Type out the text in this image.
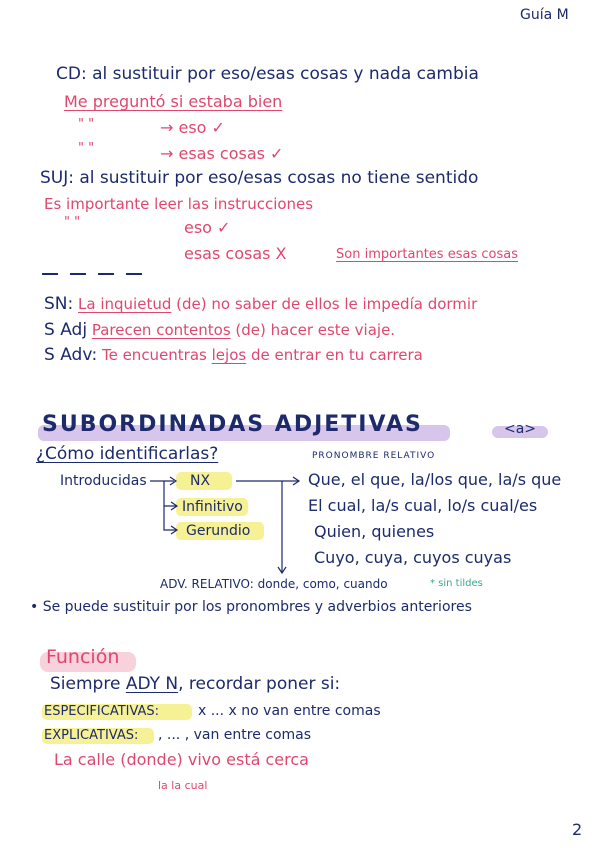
Guía M
CD: al sustituir por eso/esas cosas y nada cambia
Me preguntó si estaba bien
" "	→ eso ✓
" "	→ esas cosas ✓
SUJ: al sustituir por eso/esas cosas no tiene sentido
Es importante leer las instrucciones
" "	eso ✓
esas cosas X	Son importantes esas cosas
SN: La inquietud (de) no saber de ellos le impedía dormir
S Adj Parecen contentos (de) hacer este viaje.
S Adv: Te encuentras lejos de entrar en tu carrera
SUBORDINADAS ADJETIVAS	<a>
¿Cómo identificarlas?	PRONOMBRE RELATIVO
Introducidas	NX
Infinitivo
Gerundio
Que, el que, la/los que, la/s que
El cual, la/s cual, lo/s cual/es
Quien, quienes
Cuyo, cuya, cuyos cuyas
ADV. RELATIVO: donde, como, cuando	* sin tildes
• Se puede sustituir por los pronombres y adverbios anteriores
Función
Siempre ADY N, recordar poner si:
ESPECIFICATIVAS:	x ... x no van entre comas
EXPLICATIVAS: , ... , van entre comas
La calle (donde) vivo está cerca
la la cual
2
